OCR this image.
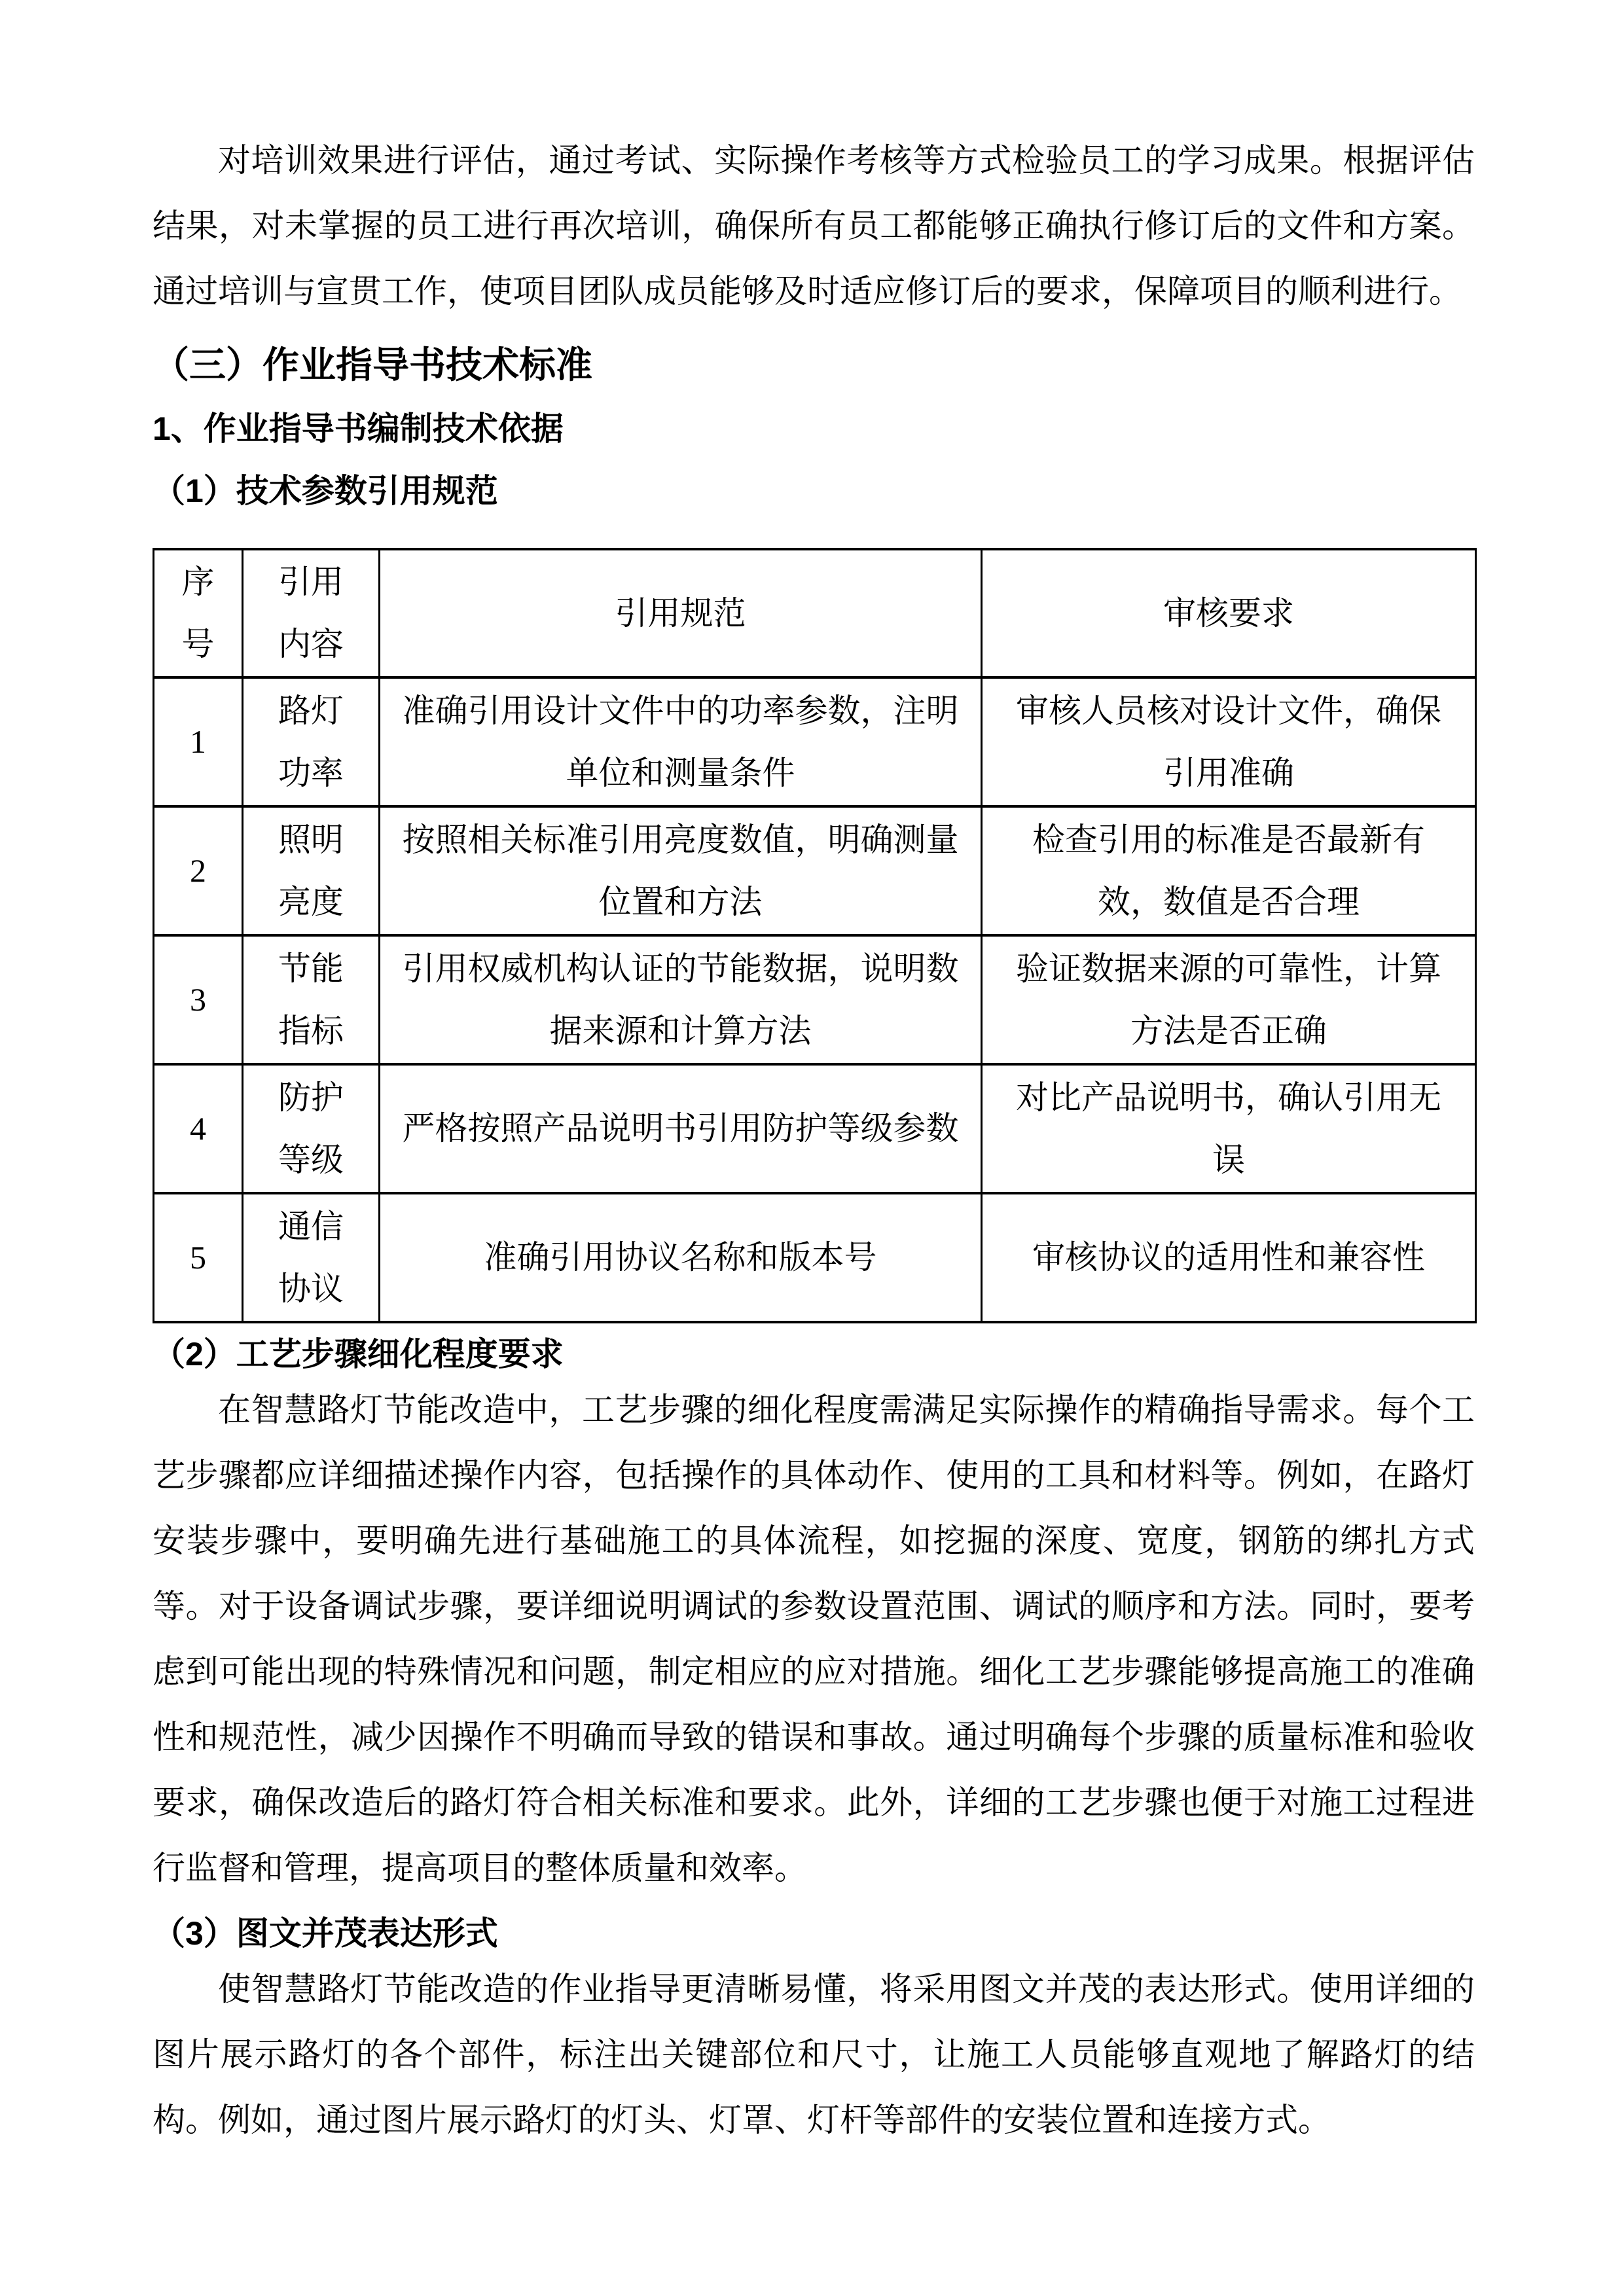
对培训效果进行评估，通过考试、实际操作考核等方式检验员工的学习成果。根据评估结果，对未掌握的员工进行再次培训，确保所有员工都能够正确执行修订后的文件和方案。通过培训与宣贯工作，使项目团队成员能够及时适应修订后的要求，保障项目的顺利进行。

（三）作业指导书技术标准
1、作业指导书编制技术依据
（1）技术参数引用规范
序号	引用内容	引用规范	审核要求
1	路灯功率	准确引用设计文件中的功率参数，注明单位和测量条件	审核人员核对设计文件，确保引用准确
2	照明亮度	按照相关标准引用亮度数值，明确测量位置和方法	检查引用的标准是否最新有效，数值是否合理
3	节能指标	引用权威机构认证的节能数据，说明数据来源和计算方法	验证数据来源的可靠性，计算方法是否正确
4	防护等级	严格按照产品说明书引用防护等级参数	对比产品说明书，确认引用无误
5	通信协议	准确引用协议名称和版本号	审核协议的适用性和兼容性
（2）工艺步骤细化程度要求

在智慧路灯节能改造中，工艺步骤的细化程度需满足实际操作的精确指导需求。每个工艺步骤都应详细描述操作内容，包括操作的具体动作、使用的工具和材料等。例如，在路灯安装步骤中，要明确先进行基础施工的具体流程，如挖掘的深度、宽度，钢筋的绑扎方式等。对于设备调试步骤，要详细说明调试的参数设置范围、调试的顺序和方法。同时，要考虑到可能出现的特殊情况和问题，制定相应的应对措施。细化工艺步骤能够提高施工的准确性和规范性，减少因操作不明确而导致的错误和事故。通过明确每个步骤的质量标准和验收要求，确保改造后的路灯符合相关标准和要求。此外，详细的工艺步骤也便于对施工过程进行监督和管理，提高项目的整体质量和效率。

（3）图文并茂表达形式

使智慧路灯节能改造的作业指导更清晰易懂，将采用图文并茂的表达形式。使用详细的图片展示路灯的各个部件，标注出关键部位和尺寸，让施工人员能够直观地了解路灯的结构。例如，通过图片展示路灯的灯头、灯罩、灯杆等部件的安装位置和连接方式。
